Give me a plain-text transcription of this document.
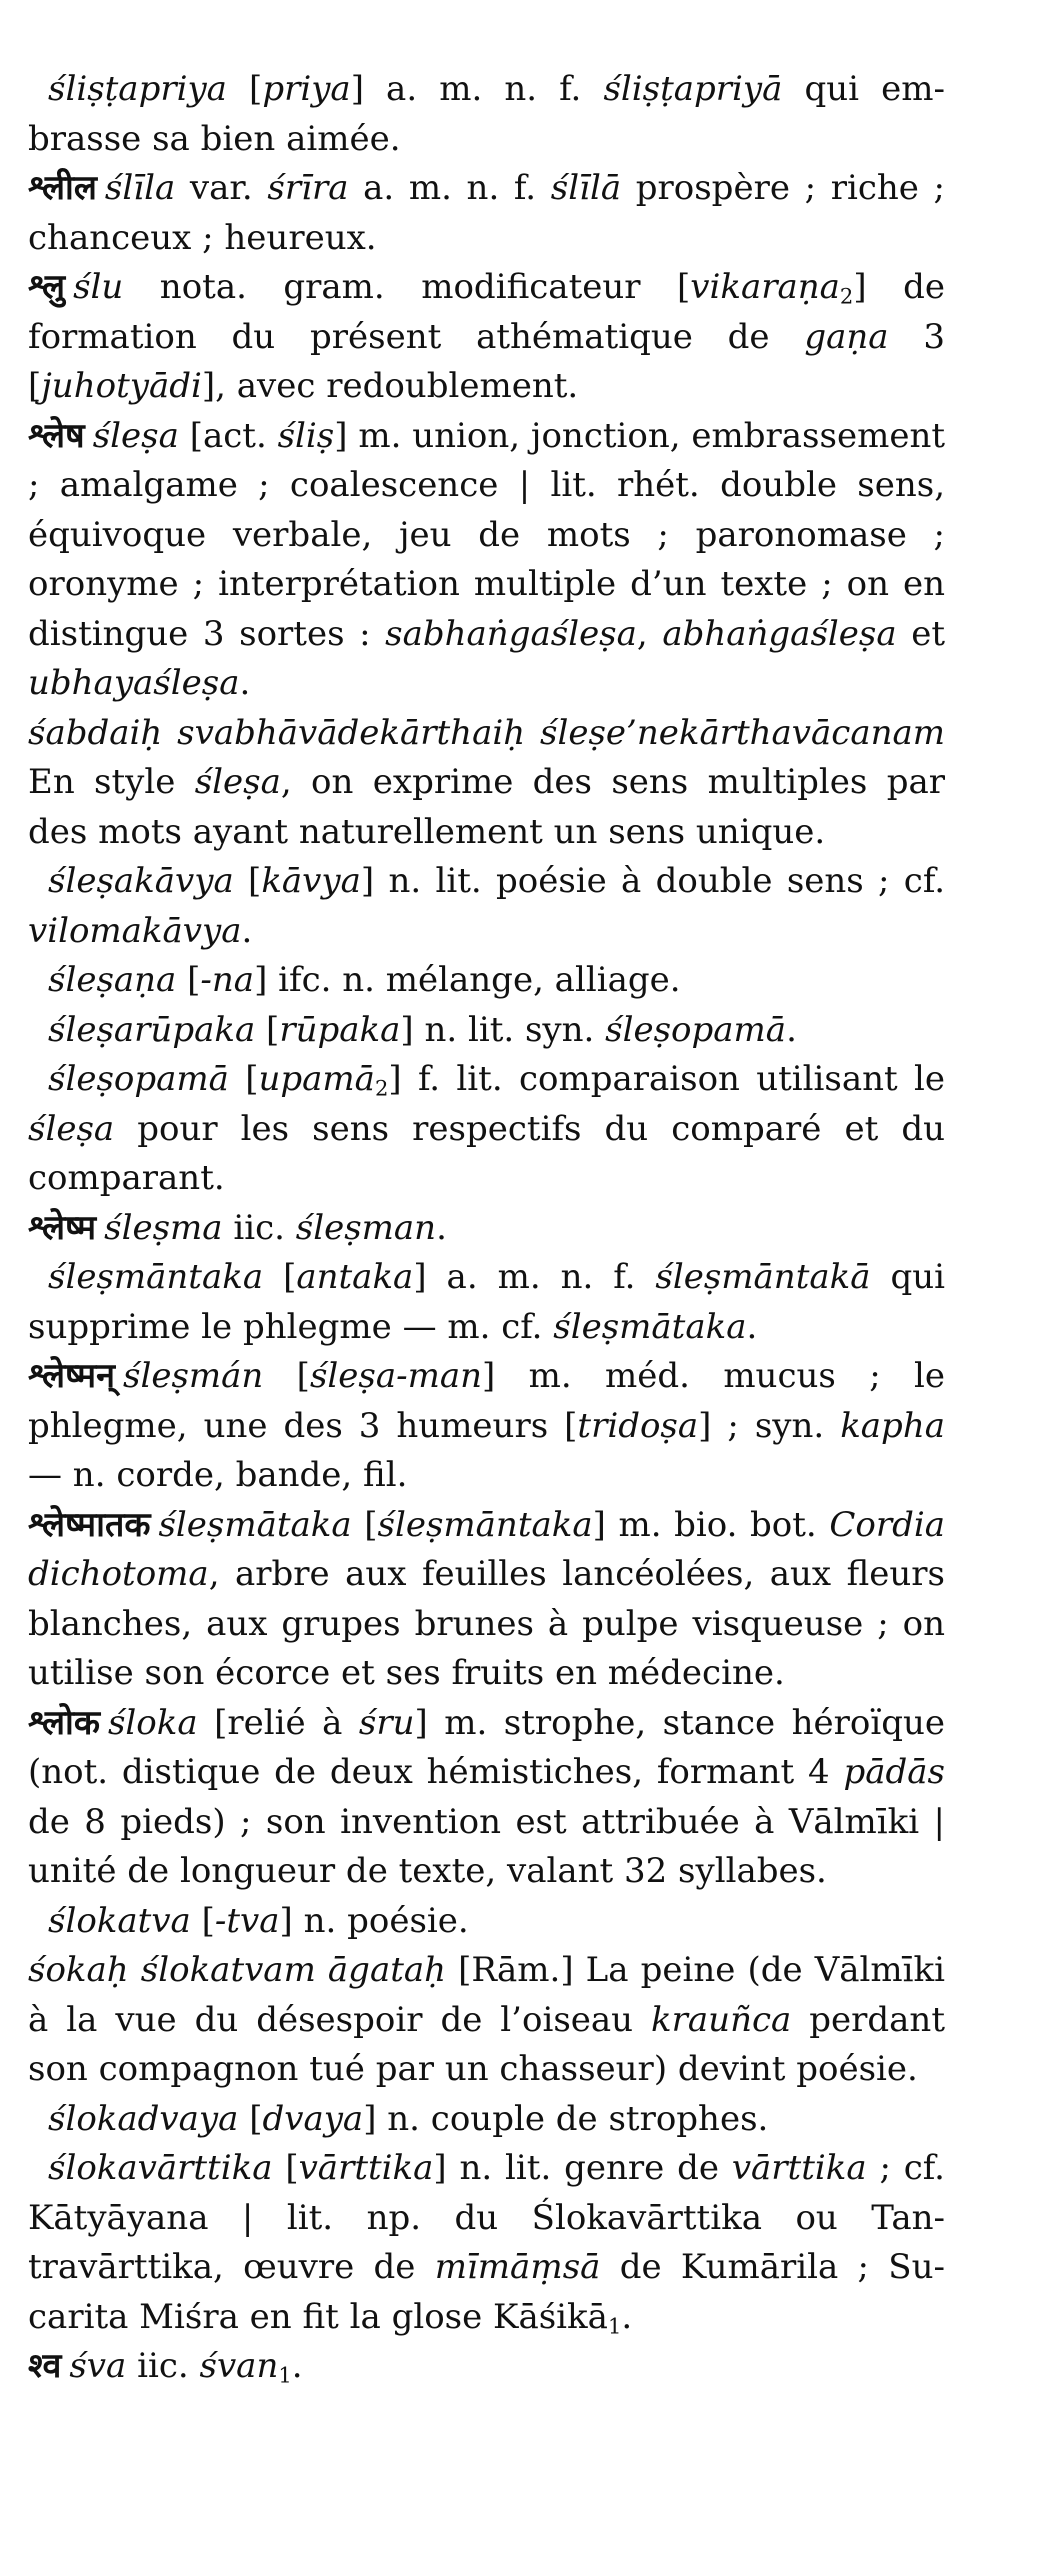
śliṣṭapriya [priya] a. m. n. f. śliṣṭapriyā qui embrasse sa bien aimée.

श्लील ślīla var. śrīra a. m. n. f. ślīlā prospère ; riche ; chanceux ; heureux.

श्लु ślu nota. gram. modificateur [vikaraṇa$_2$] de formation du présent athématique de gaṇa 3 [juhotyādi], avec redoublement.

श्लेष śleṣa [act. śliṣ] m. union, jonction, embrassement ; amalgame ; coalescence | lit. rhét. double sens, équivoque verbale, jeu de mots ; paronomase ; oronyme ; interprétation multiple d’un texte ; on en distingue 3 sortes : sabhaṅgaśleṣa, abhaṅgaśleṣa et ubhayaśleṣa.

śabdaiḥ svabhāvādekārthaiḥ śleṣe’nekārthavācanam En style śleṣa, on exprime des sens multiples par des mots ayant naturellement un sens unique.

śleṣakāvya [kāvya] n. lit. poésie à double sens ; cf. vilomakāvya.

śleṣaṇa [-na] ifc. n. mélange, alliage.

śleṣarūpaka [rūpaka] n. lit. syn. śleṣopamā.

śleṣopamā [upamā$_2$] f. lit. comparaison utilisant le śleṣa pour les sens respectifs du comparé et du comparant.

श्लेष्म śleṣma iic. śleṣman.

śleṣmāntaka [antaka] a. m. n. f. śleṣmāntakā qui supprime le phlegme — m. cf. śleṣmātaka.

श्लेष्मन् śleṣmán [śleṣa-man] m. méd. mucus ; le phlegme, une des 3 humeurs [tridoṣa] ; syn. kapha — n. corde, bande, fil.

श्लेष्मातक śleṣmātaka [śleṣmāntaka] m. bio. bot. Cordia dichotoma, arbre aux feuilles lancéolées, aux fleurs blanches, aux grupes brunes à pulpe visqueuse ; on utilise son écorce et ses fruits en médecine.

श्लोक śloka [relié à śru] m. strophe, stance héroïque (not. distique de deux hémistiches, formant 4 pādās de 8 pieds) ; son invention est attribuée à Vālmīki | unité de longueur de texte, valant 32 syllabes.

ślokatva [-tva] n. poésie.

śokaḥ ślokatvam āgataḥ [Rām.] La peine (de Vālmīki à la vue du désespoir de l’oiseau krauñca perdant son compagnon tué par un chasseur) devint poésie.

ślokadvaya [dvaya] n. couple de strophes.

ślokavārttika [vārttika] n. lit. genre de vārttika ; cf. Kātyāyana | lit. np. du Ślokavārttika ou Tantravārttika, œuvre de mīmāṃsā de Kumārila ; Sucarita Miśra en fit la glose Kāśikā$_1$.

श्व śva iic. śvan$_1$.
